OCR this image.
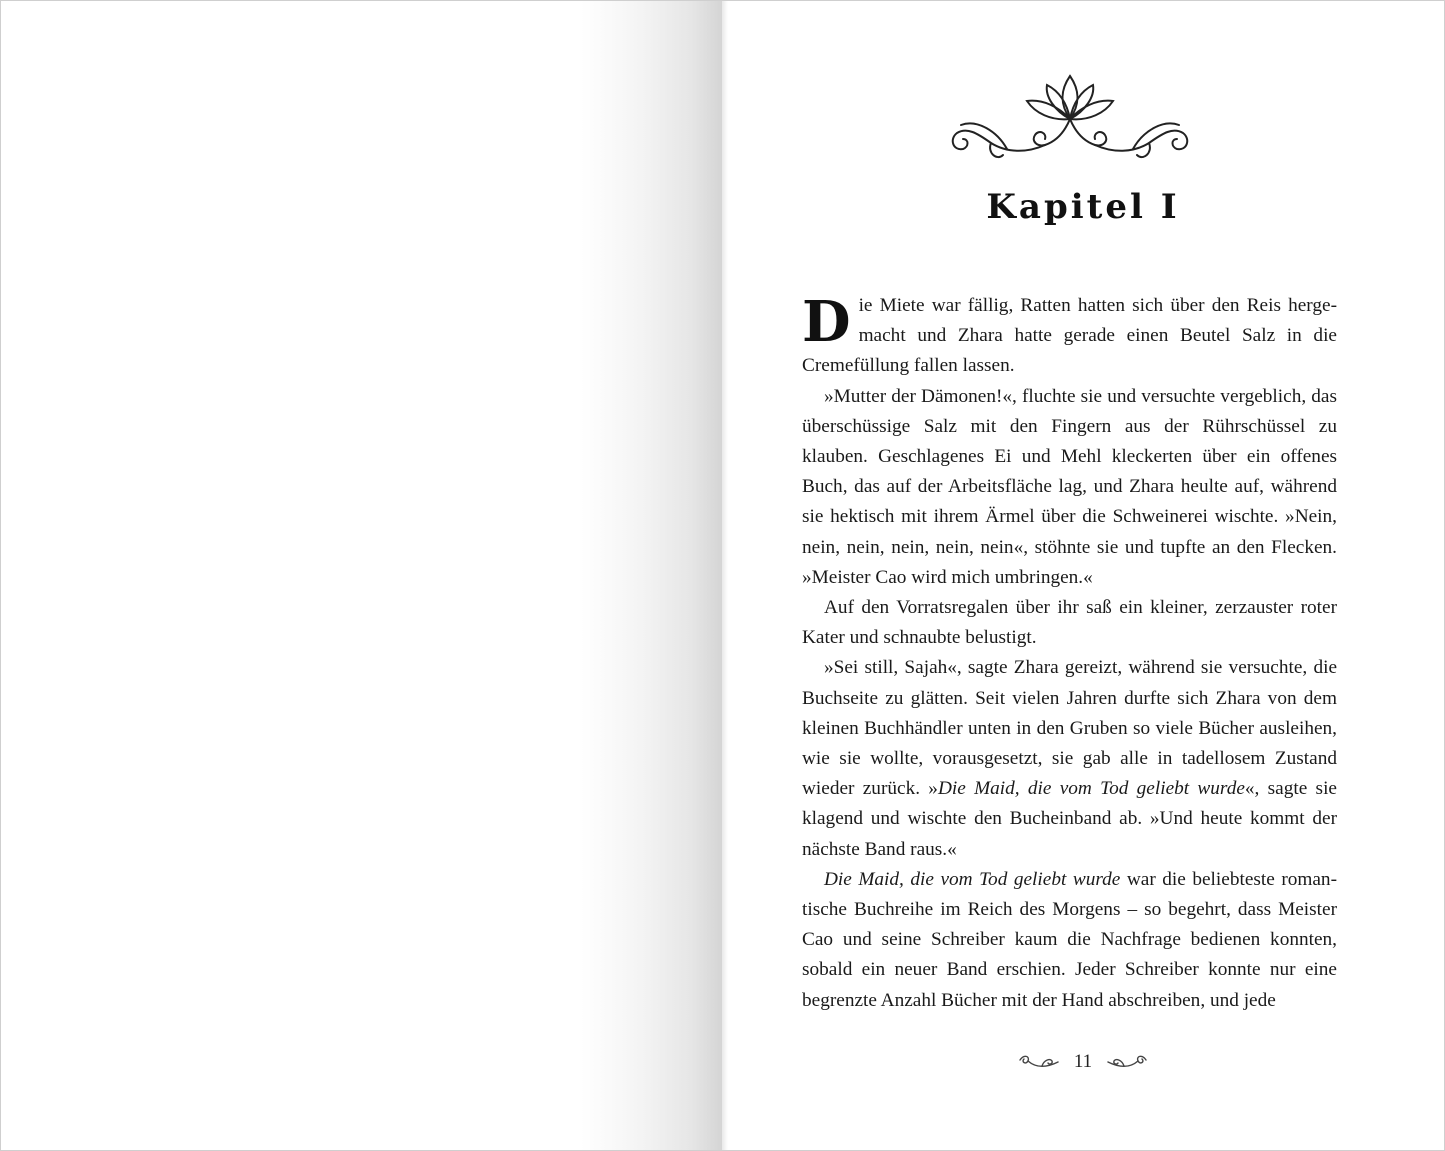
Kapitel I

Die Miete war fällig, Ratten hatten sich über den Reis hergemacht und Zhara hatte gerade einen Beutel Salz in die Cremefüllung fallen lassen.

»Mutter der Dämonen!«, fluchte sie und versuchte vergeblich, das überschüssige Salz mit den Fingern aus der Rührschüssel zu klauben. Geschlagenes Ei und Mehl kleckerten über ein offenes Buch, das auf der Arbeitsfläche lag, und Zhara heulte auf, während sie hektisch mit ihrem Ärmel über die Schweinerei wischte. »Nein, nein, nein, nein, nein, nein«, stöhnte sie und tupfte an den Flecken. »Meister Cao wird mich umbringen.«

Auf den Vorratsregalen über ihr saß ein kleiner, zerzauster roter Kater und schnaubte belustigt.

»Sei still, Sajah«, sagte Zhara gereizt, während sie versuchte, die Buchseite zu glätten. Seit vielen Jahren durfte sich Zhara von dem kleinen Buchhändler unten in den Gruben so viele Bücher ausleihen, wie sie wollte, vorausgesetzt, sie gab alle in tadellosem Zustand wieder zurück. »Die Maid, die vom Tod geliebt wurde«, sagte sie klagend und wischte den Bucheinband ab. »Und heute kommt der nächste Band raus.«

Die Maid, die vom Tod geliebt wurde war die beliebteste romantische Buchreihe im Reich des Morgens – so begehrt, dass Meister Cao und seine Schreiber kaum die Nachfrage bedienen konnten, sobald ein neuer Band erschien. Jeder Schreiber konnte nur eine begrenzte Anzahl Bücher mit der Hand abschreiben, und jede

11
